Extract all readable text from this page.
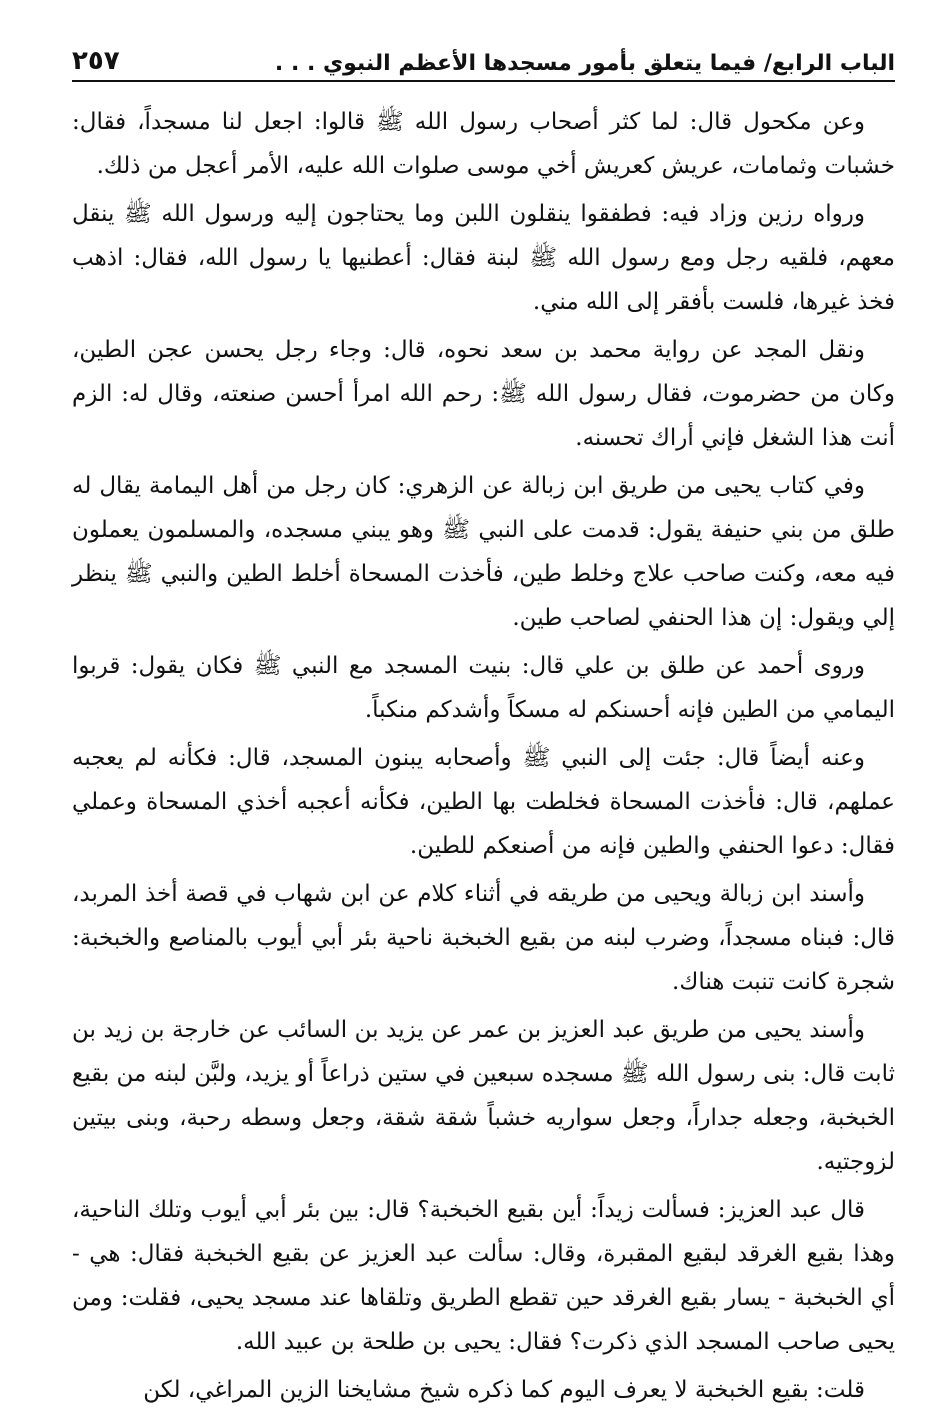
الباب الرابع/ فيما يتعلق بأمور مسجدها الأعظم النبوي . . .
٢٥٧

وعن مكحول قال: لما كثر أصحاب رسول الله ﷺ قالوا: اجعل لنا مسجداً، فقال: خشبات وثمامات، عريش كعريش أخي موسى صلوات الله عليه، الأمر أعجل من ذلك.

ورواه رزين وزاد فيه: فطفقوا ينقلون اللبن وما يحتاجون إليه ورسول الله ﷺ ينقل معهم، فلقيه رجل ومع رسول الله ﷺ لبنة فقال: أعطنيها يا رسول الله، فقال: اذهب فخذ غيرها، فلست بأفقر إلى الله مني.

ونقل المجد عن رواية محمد بن سعد نحوه، قال: وجاء رجل يحسن عجن الطين، وكان من حضرموت، فقال رسول الله ﷺ: رحم الله امرأ أحسن صنعته، وقال له: الزم أنت هذا الشغل فإني أراك تحسنه.

وفي كتاب يحيى من طريق ابن زبالة عن الزهري: كان رجل من أهل اليمامة يقال له طلق من بني حنيفة يقول: قدمت على النبي ﷺ وهو يبني مسجده، والمسلمون يعملون فيه معه، وكنت صاحب علاج وخلط طين، فأخذت المسحاة أخلط الطين والنبي ﷺ ينظر إلي ويقول: إن هذا الحنفي لصاحب طين.

وروى أحمد عن طلق بن علي قال: بنيت المسجد مع النبي ﷺ فكان يقول: قربوا اليمامي من الطين فإنه أحسنكم له مسكاً وأشدكم منكباً.

وعنه أيضاً قال: جئت إلى النبي ﷺ وأصحابه يبنون المسجد، قال: فكأنه لم يعجبه عملهم، قال: فأخذت المسحاة فخلطت بها الطين، فكأنه أعجبه أخذي المسحاة وعملي فقال: دعوا الحنفي والطين فإنه من أصنعكم للطين.

وأسند ابن زبالة ويحيى من طريقه في أثناء كلام عن ابن شهاب في قصة أخذ المربد، قال: فبناه مسجداً، وضرب لبنه من بقيع الخبخبة ناحية بئر أبي أيوب بالمناصع والخبخبة: شجرة كانت تنبت هناك.

وأسند يحيى من طريق عبد العزيز بن عمر عن يزيد بن السائب عن خارجة بن زيد بن ثابت قال: بنى رسول الله ﷺ مسجده سبعين في ستين ذراعاً أو يزيد، ولبَّن لبنه من بقيع الخبخبة، وجعله جداراً، وجعل سواريه خشباً شقة شقة، وجعل وسطه رحبة، وبنى بيتين لزوجتيه.

قال عبد العزيز: فسألت زيداً: أين بقيع الخبخبة؟ قال: بين بئر أبي أيوب وتلك الناحية، وهذا بقيع الغرقد لبقيع المقبرة، وقال: سألت عبد العزيز عن بقيع الخبخبة فقال: هي - أي الخبخبة - يسار بقيع الغرقد حين تقطع الطريق وتلقاها عند مسجد يحيى، فقلت: ومن يحيى صاحب المسجد الذي ذكرت؟ فقال: يحيى بن طلحة بن عبيد الله.

قلت: بقيع الخبخبة لا يعرف اليوم كما ذكره شيخ مشايخنا الزين المراغي، لكن
